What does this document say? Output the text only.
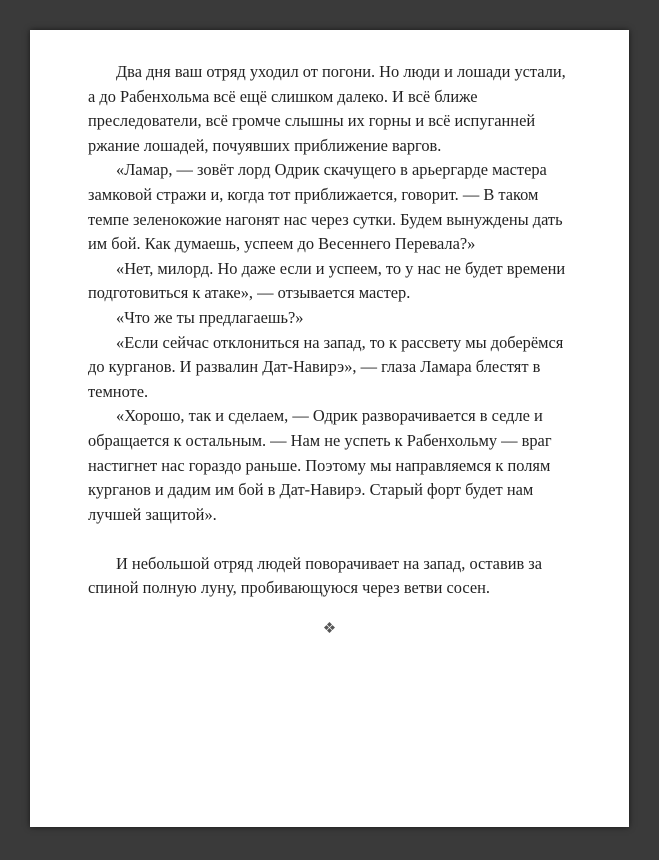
Два дня ваш отряд уходил от погони. Но люди и лошади устали,
а до Рабенхольма всё ещё слишком далеко. И всё ближе
преследователи, всё громче слышны их горны и всё испуганней
ржание лошадей, почуявших приближение варгов.
«Ламар, — зовёт лорд Одрик скачущего в арьергарде мастера
замковой стражи и, когда тот приближается, говорит. — В таком
темпе зеленокожие нагонят нас через сутки. Будем вынуждены дать
им бой. Как думаешь, успеем до Весеннего Перевала?»
«Нет, милорд. Но даже если и успеем, то у нас не будет времени
подготовиться к атаке», — отзывается мастер.
«Что же ты предлагаешь?»
«Если сейчас отклониться на запад, то к рассвету мы доберёмся
до курганов. И развалин Дат-Навирэ», — глаза Ламара блестят в
темноте.
«Хорошо, так и сделаем, — Одрик разворачивается в седле и
обращается к остальным. — Нам не успеть к Рабенхольму — враг
настигнет нас гораздо раньше. Поэтому мы направляемся к полям
курганов и дадим им бой в Дат-Навирэ. Старый форт будет нам
лучшей защитой».
И небольшой отряд людей поворачивает на запад, оставив за
спиной полную луну, пробивающуюся через ветви сосен.
❖
